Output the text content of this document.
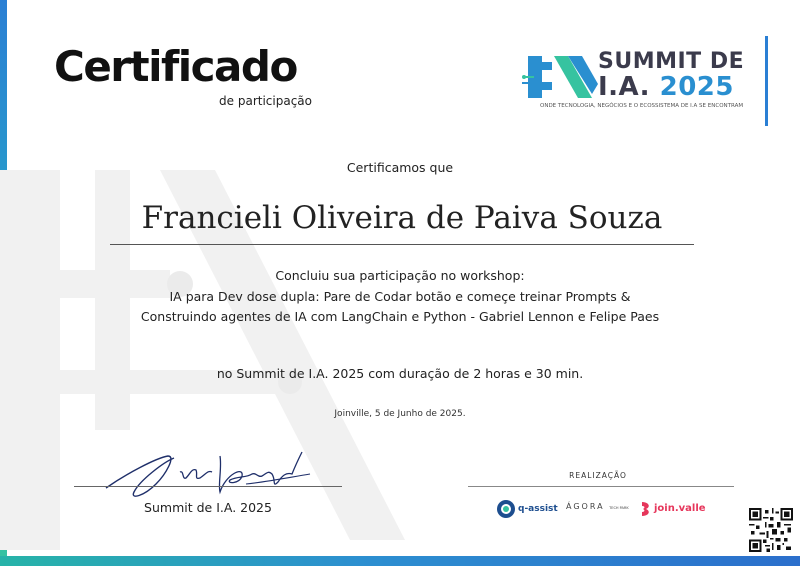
Certificado
de participação
SUMMIT DE
I.A. 2025
ONDE TECNOLOGIA, NEGÓCIOS E O ECOSSISTEMA DE I.A SE ENCONTRAM
Certificamos que
Francieli Oliveira de Paiva Souza
Concluiu sua participação no workshop:
IA para Dev dose dupla: Pare de Codar botão e começe treinar Prompts &
Construindo agentes de IA com LangChain e Python - Gabriel Lennon e Felipe Paes
no Summit de I.A. 2025 com duração de 2 horas e 30 min.
Joinville, 5 de Junho de 2025.
Summit de I.A. 2025
REALIZAÇÃO
q-assist ÁGORA TECH PARK	join.valle
